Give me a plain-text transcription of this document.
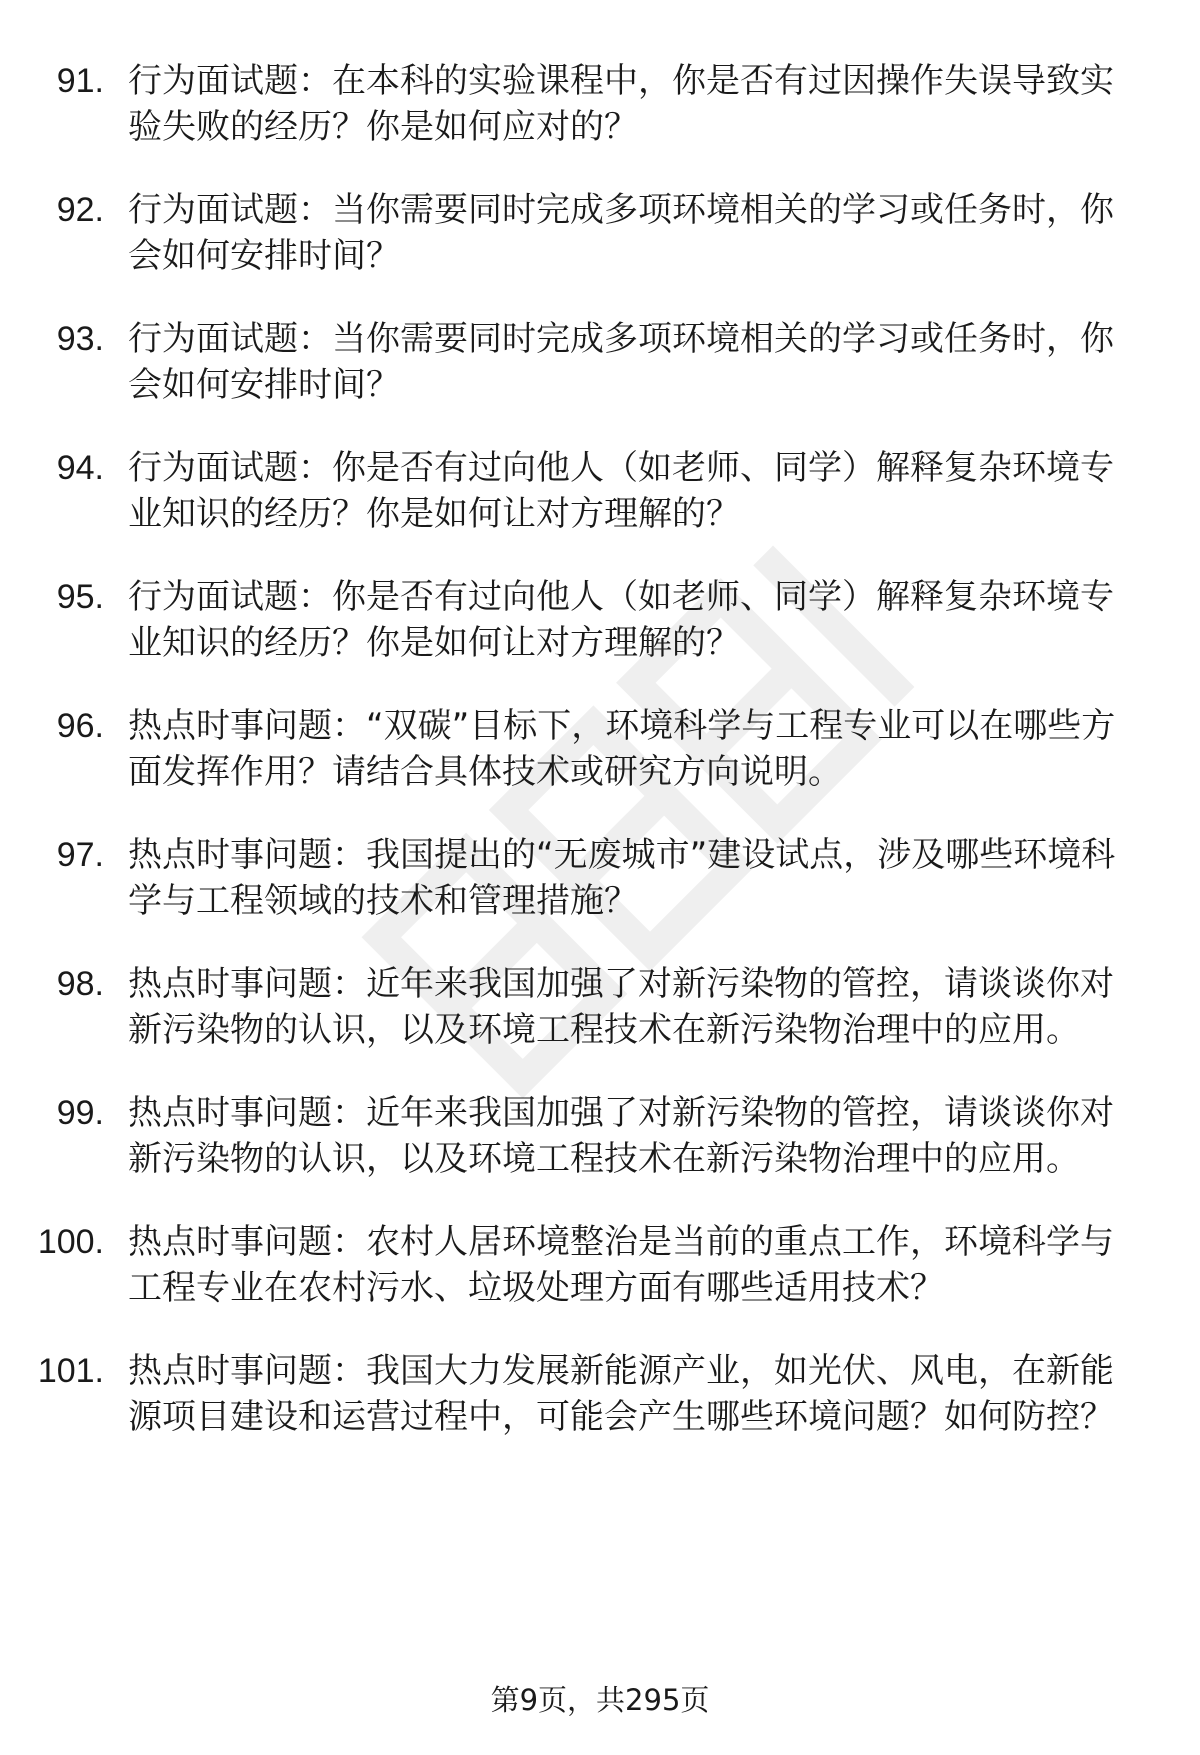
91. 行为面试题：在本科的实验课程中，你是否有过因操作失误导致实验失败的经历？你是如何应对的？
92. 行为面试题：当你需要同时完成多项环境相关的学习或任务时，你会如何安排时间？
93. 行为面试题：当你需要同时完成多项环境相关的学习或任务时，你会如何安排时间？
94. 行为面试题：你是否有过向他人（如老师、同学）解释复杂环境专业知识的经历？你是如何让对方理解的？
95. 行为面试题：你是否有过向他人（如老师、同学）解释复杂环境专业知识的经历？你是如何让对方理解的？
96. 热点时事问题：“双碳”目标下，环境科学与工程专业可以在哪些方面发挥作用？请结合具体技术或研究方向说明。
97. 热点时事问题：我国提出的“无废城市”建设试点，涉及哪些环境科学与工程领域的技术和管理措施？
98. 热点时事问题：近年来我国加强了对新污染物的管控，请谈谈你对新污染物的认识，以及环境工程技术在新污染物治理中的应用。
99. 热点时事问题：近年来我国加强了对新污染物的管控，请谈谈你对新污染物的认识，以及环境工程技术在新污染物治理中的应用。
100. 热点时事问题：农村人居环境整治是当前的重点工作，环境科学与工程专业在农村污水、垃圾处理方面有哪些适用技术？
101. 热点时事问题：我国大力发展新能源产业，如光伏、风电，在新能源项目建设和运营过程中，可能会产生哪些环境问题？如何防控？
第9页，共295页
